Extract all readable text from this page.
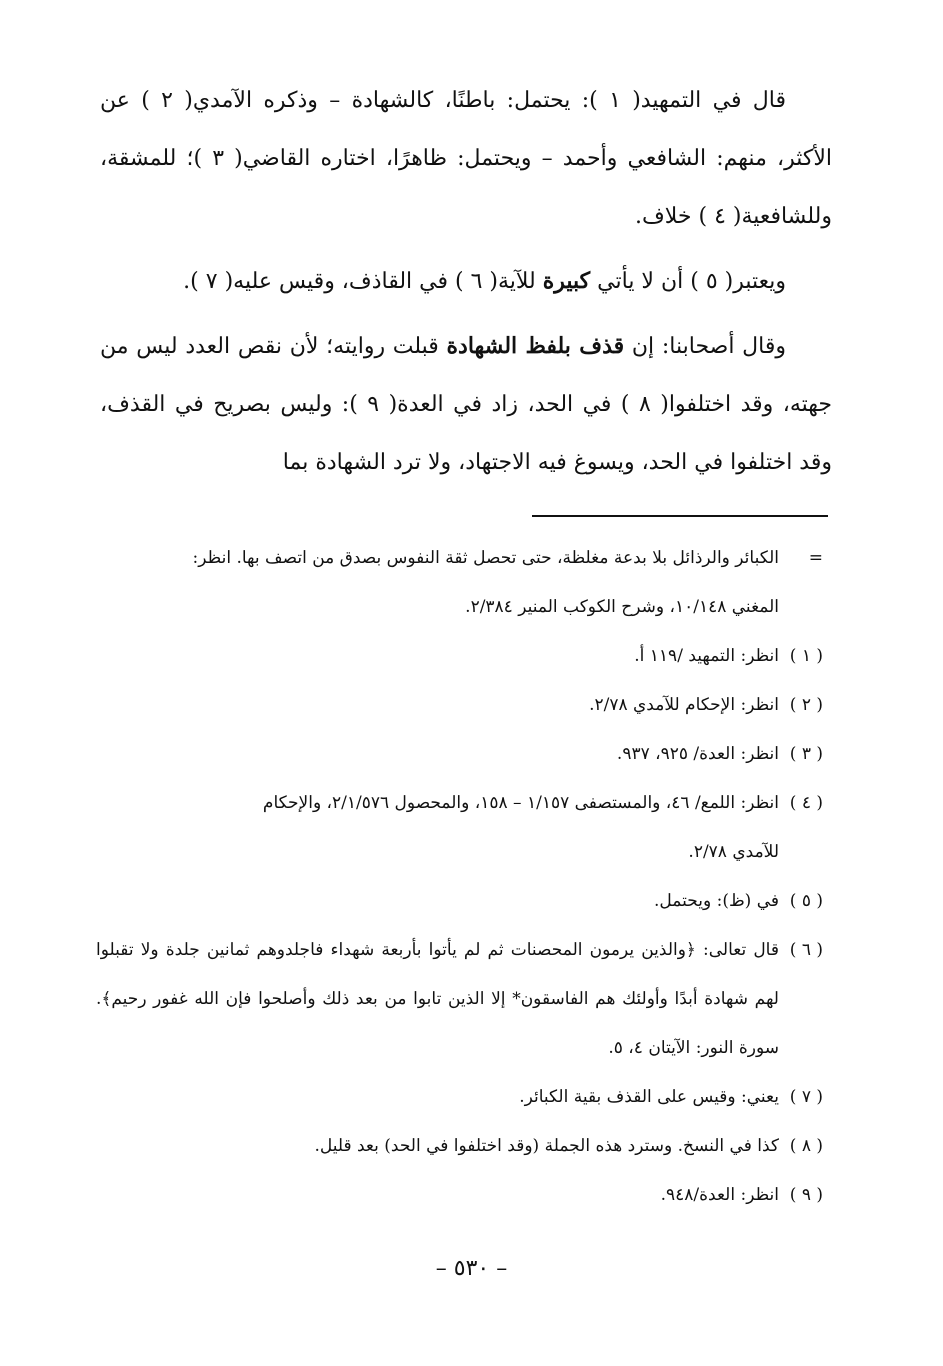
قال في التمهيد( ١ ): يحتمل: باطنًا، كالشهادة – وذكره الآمدي( ٢ ) عن الأكثر، منهم: الشافعي وأحمد – ويحتمل: ظاهرًا، اختاره القاضي( ٣ )؛ للمشقة، وللشافعية( ٤ ) خلاف.

ويعتبر( ٥ ) أن لا يأتي كبيرة للآية( ٦ ) في القاذف، وقيس عليه( ٧ ).

وقال أصحابنا: إن قذف بلفظ الشهادة قبلت روايته؛ لأن نقص العدد ليس من جهته، وقد اختلفوا( ٨ ) في الحد، زاد في العدة( ٩ ): وليس بصريح في القذف، وقد اختلفوا في الحد، ويسوغ فيه الاجتهاد، ولا ترد الشهادة بما

=الكبائر والرذائل بلا بدعة مغلظة، حتى تحصل ثقة النفوس بصدق من اتصف بها. انظر:

المغني ١٠/١٤٨، وشرح الكوكب المنير ٢/٣٨٤.

( ١ )انظر: التمهيد /١١٩ أ.

( ٢ )انظر: الإحكام للآمدي ٢/٧٨.

( ٣ )انظر: العدة/ ٩٢٥، ٩٣٧.

( ٤ )انظر: اللمع/ ٤٦، والمستصفى ١/١٥٧ – ١٥٨، والمحصول ٢/١/٥٧٦، والإحكام

للآمدي ٢/٧٨.

( ٥ )في (ظ): ويحتمل.

( ٦ )قال تعالى: ﴿والذين يرمون المحصنات ثم لم يأتوا بأربعة شهداء فاجلدوهم ثمانين جلدة ولا تقبلوا لهم شهادة أبدًا وأولئك هم الفاسقون* إلا الذين تابوا من بعد ذلك وأصلحوا فإن الله غفور رحيم﴾. سورة النور: الآيتان ٤، ٥.

( ٧ )يعني: وقيس على القذف بقية الكبائر.

( ٨ )كذا في النسخ. وسترد هذه الجملة (وقد اختلفوا في الحد) بعد قليل.

( ٩ )انظر: العدة/٩٤٨.

– ٥٣٠ –
